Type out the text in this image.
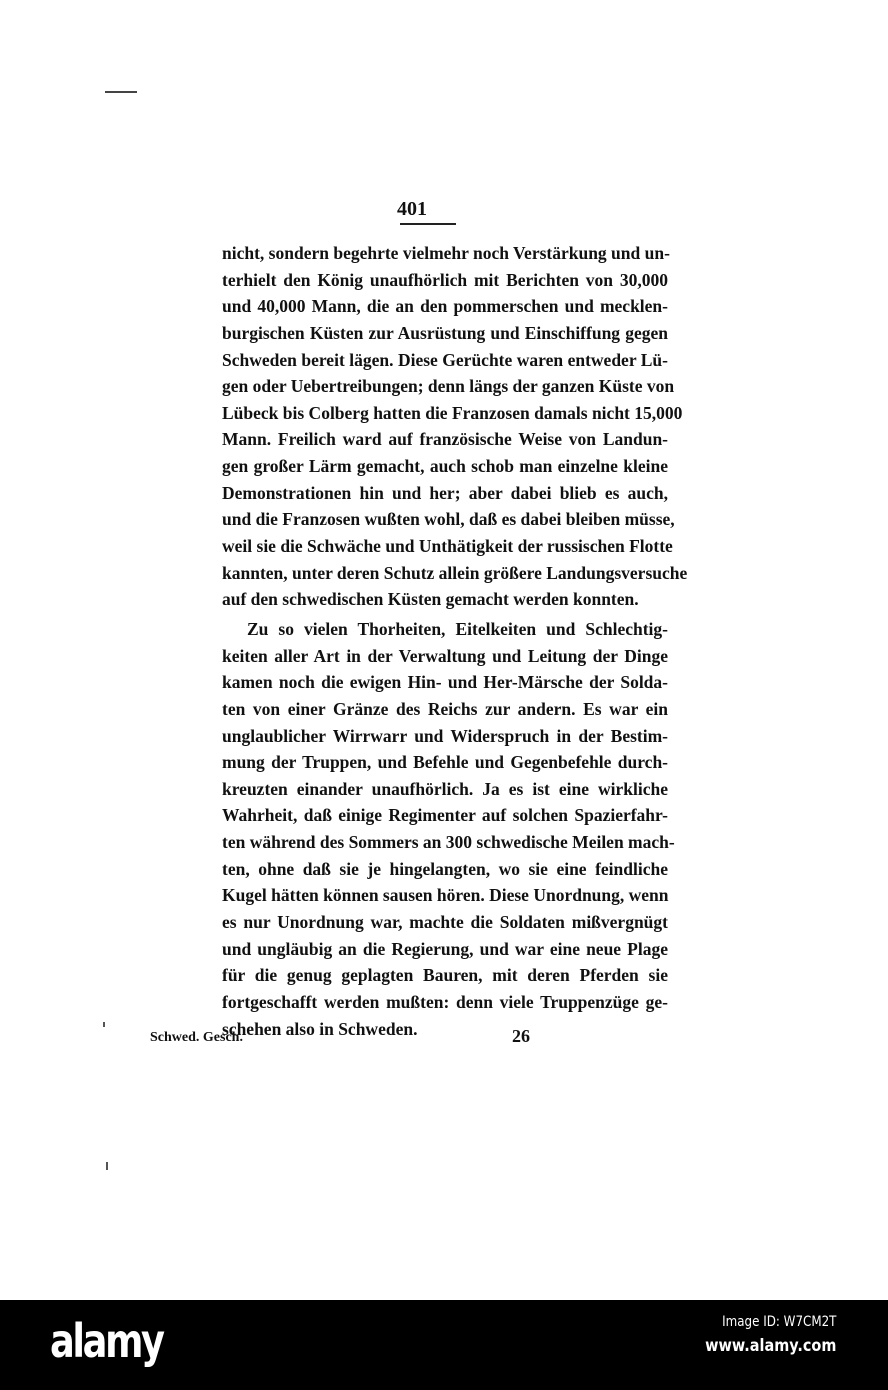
401
nicht, sondern begehrte vielmehr noch Verstärkung und un-
terhielt den König unaufhörlich mit Berichten von 30,000
und 40,000 Mann, die an den pommerschen und mecklen-
burgischen Küsten zur Ausrüstung und Einschiffung gegen
Schweden bereit lägen. Diese Gerüchte waren entweder Lü-
gen oder Uebertreibungen; denn längs der ganzen Küste von
Lübeck bis Colberg hatten die Franzosen damals nicht 15,000
Mann. Freilich ward auf französische Weise von Landun-
gen großer Lärm gemacht, auch schob man einzelne kleine
Demonstrationen hin und her; aber dabei blieb es auch,
und die Franzosen wußten wohl, daß es dabei bleiben müsse,
weil sie die Schwäche und Unthätigkeit der russischen Flotte
kannten, unter deren Schutz allein größere Landungsversuche
auf den schwedischen Küsten gemacht werden konnten.
Zu so vielen Thorheiten, Eitelkeiten und Schlechtig-
keiten aller Art in der Verwaltung und Leitung der Dinge
kamen noch die ewigen Hin- und Her-Märsche der Solda-
ten von einer Gränze des Reichs zur andern. Es war ein
unglaublicher Wirrwarr und Widerspruch in der Bestim-
mung der Truppen, und Befehle und Gegenbefehle durch-
kreuzten einander unaufhörlich. Ja es ist eine wirkliche
Wahrheit, daß einige Regimenter auf solchen Spazierfahr-
ten während des Sommers an 300 schwedische Meilen mach-
ten, ohne daß sie je hingelangten, wo sie eine feindliche
Kugel hätten können sausen hören. Diese Unordnung, wenn
es nur Unordnung war, machte die Soldaten mißvergnügt
und ungläubig an die Regierung, und war eine neue Plage
für die genug geplagten Bauren, mit deren Pferden sie
fortgeschafft werden mußten: denn viele Truppenzüge ge-
schehen also in Schweden.
Schwed. Gesch.	26
alamy	Image ID: W7CM2T
www.alamy.com
